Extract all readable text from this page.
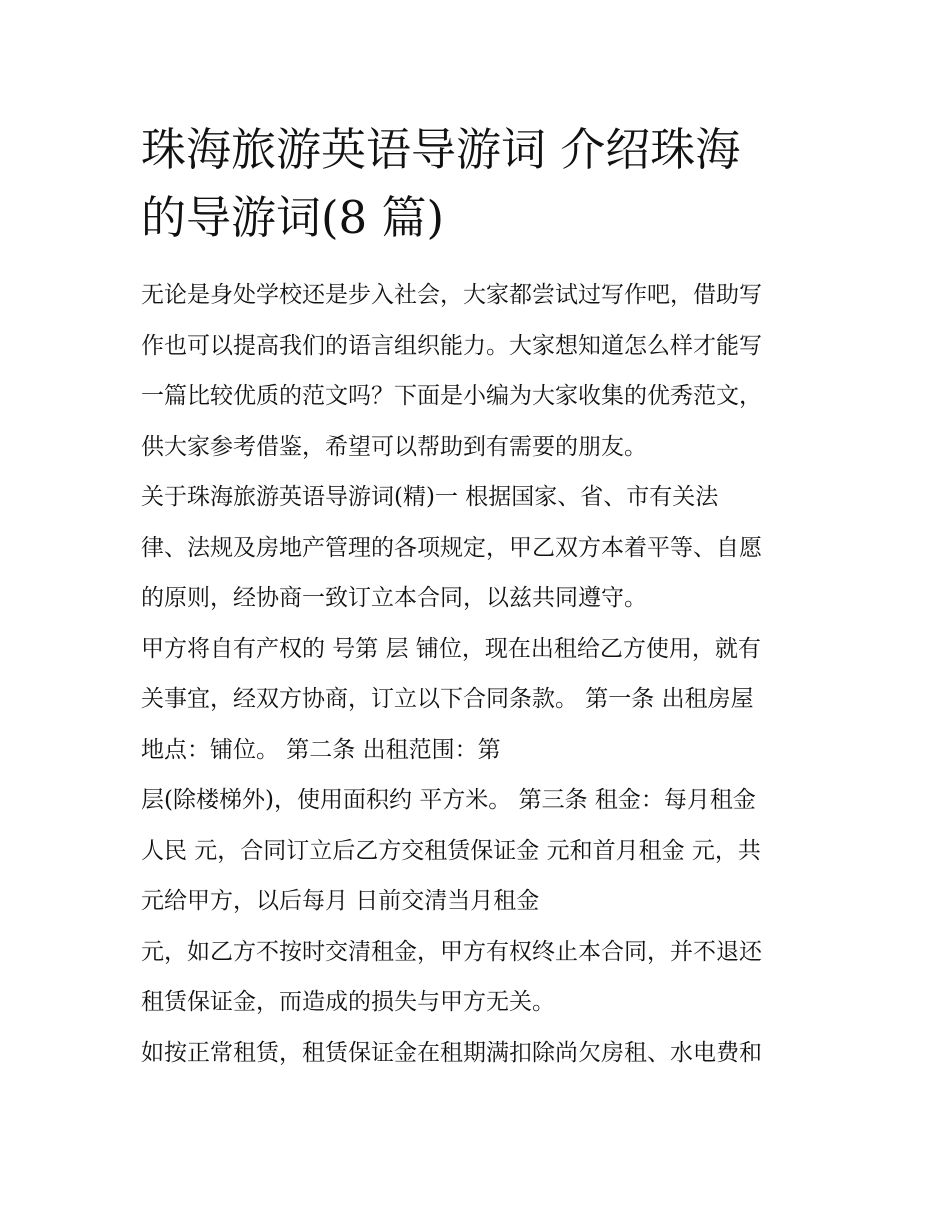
珠海旅游英语导游词 介绍珠海
的导游词(8 篇)
无论是身处学校还是步入社会，大家都尝试过写作吧，借助写
作也可以提高我们的语言组织能力。大家想知道怎么样才能写
一篇比较优质的范文吗？下面是小编为大家收集的优秀范文，
供大家参考借鉴，希望可以帮助到有需要的朋友。
关于珠海旅游英语导游词(精)一 根据国家、省、市有关法
律、法规及房地产管理的各项规定，甲乙双方本着平等、自愿
的原则，经协商一致订立本合同，以兹共同遵守。
甲方将自有产权的 号第 层 铺位，现在出租给乙方使用，就有
关事宜，经双方协商，订立以下合同条款。 第一条 出租房屋
地点：铺位。 第二条 出租范围：第
层(除楼梯外)，使用面积约 平方米。 第三条 租金：每月租金
人民 元，合同订立后乙方交租赁保证金 元和首月租金 元，共
元给甲方，以后每月 日前交清当月租金
元，如乙方不按时交清租金，甲方有权终止本合同，并不退还
租赁保证金，而造成的损失与甲方无关。
如按正常租赁，租赁保证金在租期满扣除尚欠房租、水电费和
